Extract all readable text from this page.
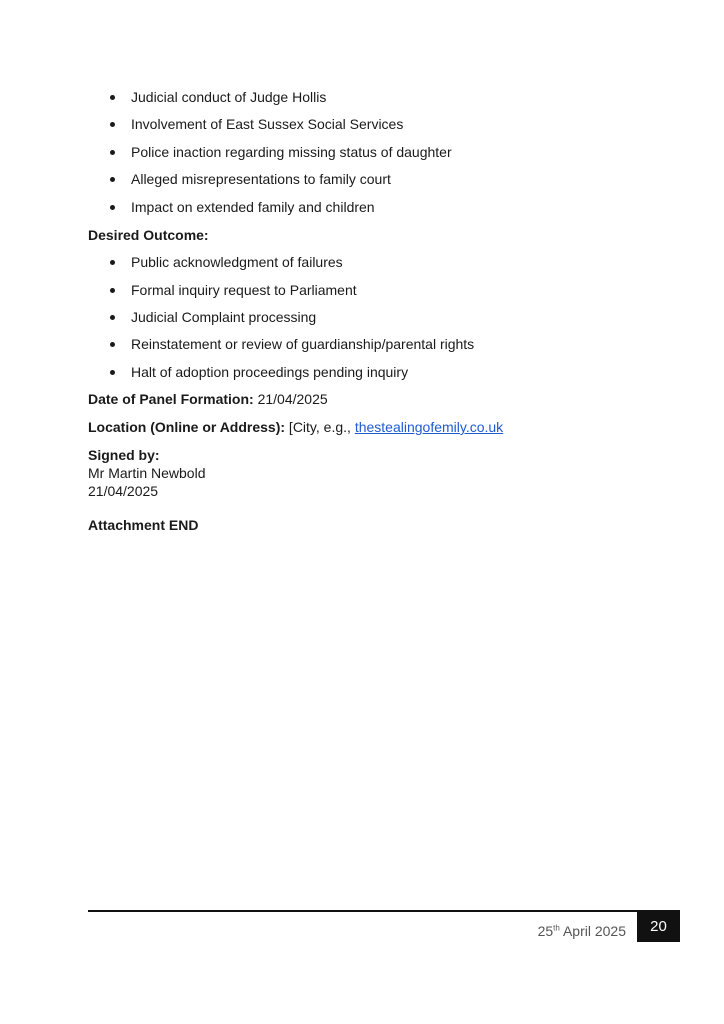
Judicial conduct of Judge Hollis
Involvement of East Sussex Social Services
Police inaction regarding missing status of daughter
Alleged misrepresentations to family court
Impact on extended family and children
Desired Outcome:
Public acknowledgment of failures
Formal inquiry request to Parliament
Judicial Complaint processing
Reinstatement or review of guardianship/parental rights
Halt of adoption proceedings pending inquiry
Date of Panel Formation: 21/04/2025
Location (Online or Address): [City, e.g., thestealingofemily.co.uk
Signed by:
Mr Martin Newbold
21/04/2025
Attachment END
25th April 2025	20
